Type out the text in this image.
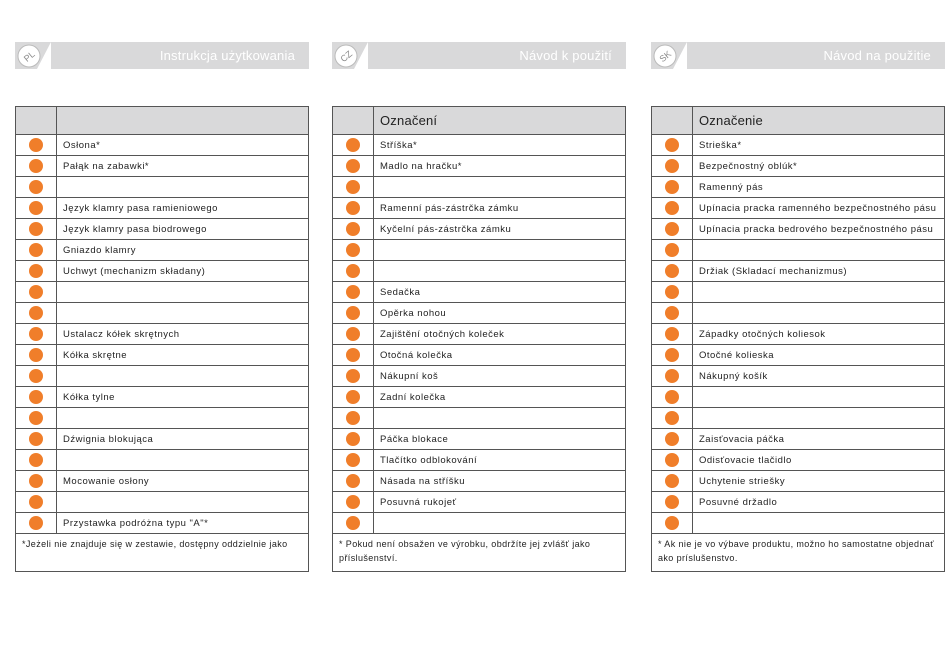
PL	Instrukcja użytkowania

	Osłona*
	Pałąk na zabawki*

	Język klamry pasa ramieniowego
	Język klamry pasa biodrowego
	Gniazdo klamry
	Uchwyt (mechanizm składany)

	Ustalacz kółek skrętnych
	Kółka skrętne

	Kółka tylne

	Dźwignia blokująca

	Mocowanie osłony

	Przystawka podróżna typu "A"*
*Jeżeli nie znajduje się w zestawie, dostępny oddzielnie jako	
CZ	Návod k použití
	Označení
	Stříška*
	Madlo na hračku*

	Ramenní pás-zástrčka zámku
	Kyčelní pás-zástrčka zámku

	Sedačka
	Opěrka nohou
	Zajištění otočných koleček
	Otočná kolečka
	Nákupní koš
	Zadní kolečka

	Páčka blokace
	Tlačítko odblokování
	Násada na stříšku
	Posuvná rukojeť

* Pokud není obsažen ve výrobku, obdržíte jej zvlášť jako příslušenství.	
SK	Návod na použitie
	Označenie
	Strieška*
	Bezpečnostný oblúk*
	Ramenný pás
	Upínacia pracka ramenného bezpečnostného pásu
	Upínacia pracka bedrového bezpečnostného pásu

	Držiak (Skladací mechanizmus)

	Západky otočných koliesok
	Otočné kolieska
	Nákupný košík

	Zaisťovacia páčka
	Odisťovacie tlačidlo
	Uchytenie striešky
	Posuvné držadlo

* Ak nie je vo výbave produktu, možno ho samostatne objednať ako príslušenstvo.	
